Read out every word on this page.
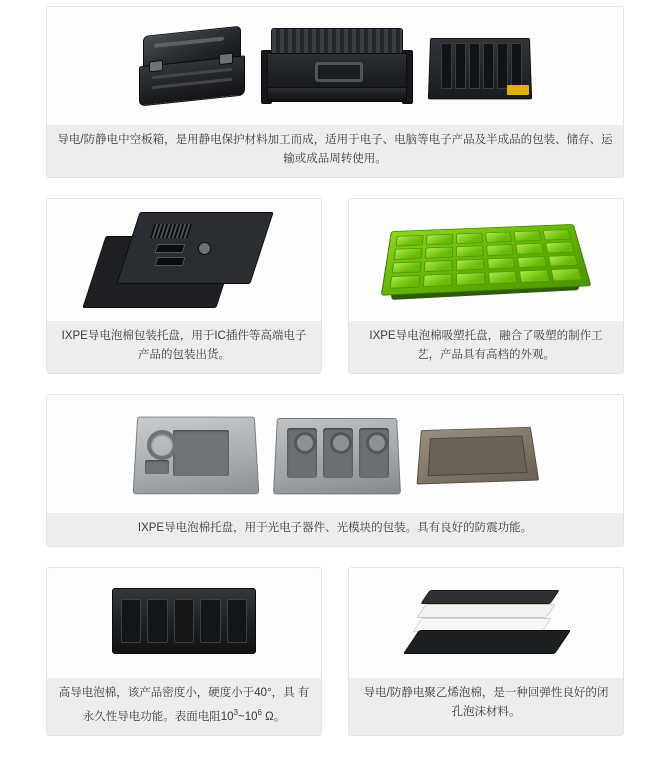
导电/防静电中空板箱，是用静电保护材料加工而成，适用于电子、电脑等电子产品及半成品的包装、储存、运输或成品周转使用。
IXPE导电泡棉包装托盘，用于IC插件等高端电子产品的包装出货。
IXPE导电泡棉吸塑托盘，融合了吸塑的制作工艺，产品具有高档的外观。
IXPE导电泡棉托盘，用于光电子器件、光模块的包装。具有良好的防震功能。
高导电泡棉，该产品密度小，硬度小于40°，具 有永久性导电功能。表面电阻$10^3\sim 10^6$ Ω。
导电/防静电聚乙烯泡棉，是一种回弹性良好的闭孔泡沫材料。
